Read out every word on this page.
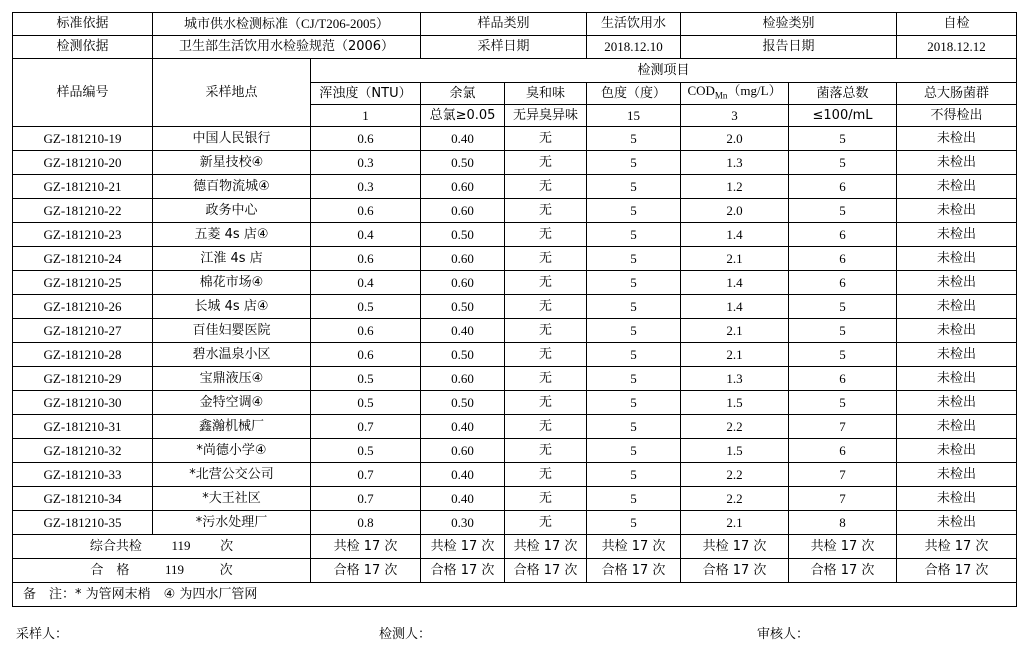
标准依据	城市供水检测标准（CJ/T206-2005）		样品类别		生活饮用水	检验类别		自检
检测依据	卫生部生活饮用水检验规范（2006）		采样日期		2018.12.10	报告日期		2018.12.12
样品编号	采样地点	检测项目						
		浑浊度（NTU）	余氯	臭和味	色度（度）	$COD_{Mn}(mg/L)$	菌落总数	总大肠菌群
		1	总氯≥0.05	无异臭异味	15	3	≤100/mL	不得检出
GZ-181210-19	中国人民银行	0.6	0.40	无	5	2.0	5	未检出
GZ-181210-20	新星技校④	0.3	0.50	无	5	1.3	5	未检出
GZ-181210-21	德百物流城④	0.3	0.60	无	5	1.2	6	未检出
GZ-181210-22	政务中心	0.6	0.60	无	5	2.0	5	未检出
GZ-181210-23	五菱 4s 店④	0.4	0.50	无	5	1.4	6	未检出
GZ-181210-24	江淮 4s 店	0.6	0.60	无	5	2.1	6	未检出
GZ-181210-25	棉花市场④	0.4	0.60	无	5	1.4	6	未检出
GZ-181210-26	长城 4s 店④	0.5	0.50	无	5	1.4	5	未检出
GZ-181210-27	百佳妇婴医院	0.6	0.40	无	5	2.1	5	未检出
GZ-181210-28	碧水温泉小区	0.6	0.50	无	5	2.1	5	未检出
GZ-181210-29	宝鼎液压④	0.5	0.60	无	5	1.3	6	未检出
GZ-181210-30	金特空调④	0.5	0.50	无	5	1.5	5	未检出
GZ-181210-31	鑫瀚机械厂	0.7	0.40	无	5	2.2	7	未检出
GZ-181210-32	*尚德小学④	0.5	0.60	无	5	1.5	6	未检出
GZ-181210-33	*北营公交公司	0.7	0.40	无	5	2.2	7	未检出
GZ-181210-34	*大王社区	0.7	0.40	无	5	2.2	7	未检出
GZ-181210-35	*污水处理厂	0.8	0.30	无	5	2.1	8	未检出
综合共检 119 次		共检 17 次	共检 17 次	共检 17 次	共检 17 次	共检 17 次	共检 17 次	共检 17 次
合　格 119 次		合格 17 次	合格 17 次	合格 17 次	合格 17 次	合格 17 次	合格 17 次	合格 17 次
备　注：* 为管网末梢　④ 为四水厂管网								
采样人：	检测人：	审核人：
